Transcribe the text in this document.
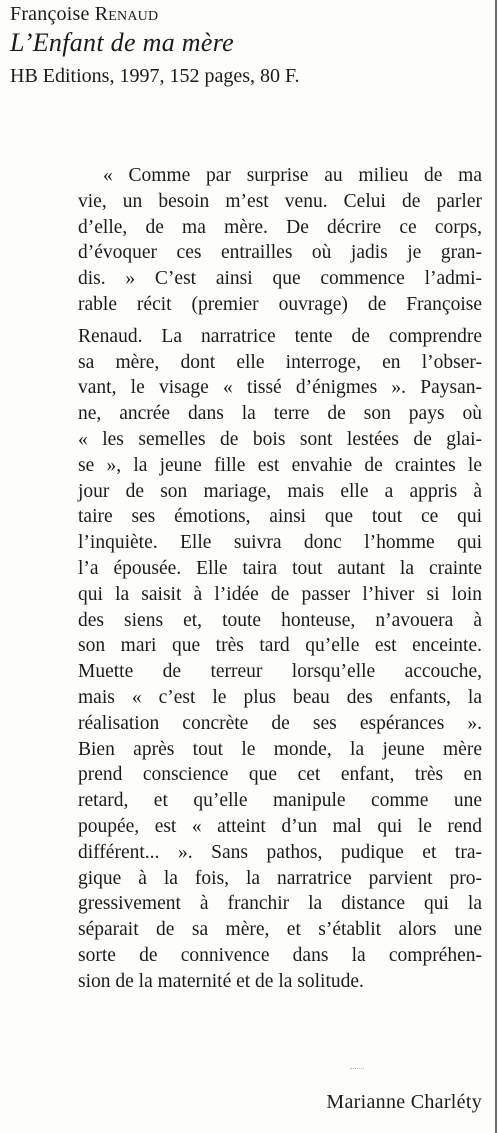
Françoise Renaud

L’Enfant de ma mère

HB Editions, 1997, 152 pages, 80 F.

« Comme par surprise au milieu de ma
vie, un besoin m’est venu. Celui de parler
d’elle, de ma mère. De décrire ce corps,
d’évoquer ces entrailles où jadis je gran-
dis. » C’est ainsi que commence l’admi-
rable récit (premier ouvrage) de Françoise
Renaud. La narratrice tente de comprendre
sa mère, dont elle interroge, en l’obser-
vant, le visage « tissé d’énigmes ». Paysan-
ne, ancrée dans la terre de son pays où
« les semelles de bois sont lestées de glai-
se », la jeune fille est envahie de craintes le
jour de son mariage, mais elle a appris à
taire ses émotions, ainsi que tout ce qui
l’inquiète. Elle suivra donc l’homme qui
l’a épousée. Elle taira tout autant la crainte
qui la saisit à l’idée de passer l’hiver si loin
des siens et, toute honteuse, n’avouera à
son mari que très tard qu’elle est enceinte.
Muette de terreur lorsqu’elle accouche,
mais « c’est le plus beau des enfants, la
réalisation concrète de ses espérances ».
Bien après tout le monde, la jeune mère
prend conscience que cet enfant, très en
retard, et qu’elle manipule comme une
poupée, est « atteint d’un mal qui le rend
différent... ». Sans pathos, pudique et tra-
gique à la fois, la narratrice parvient pro-
gressivement à franchir la distance qui la
séparait de sa mère, et s’établit alors une
sorte de connivence dans la compréhen-
sion de la maternité et de la solitude.
Marianne Charléty
